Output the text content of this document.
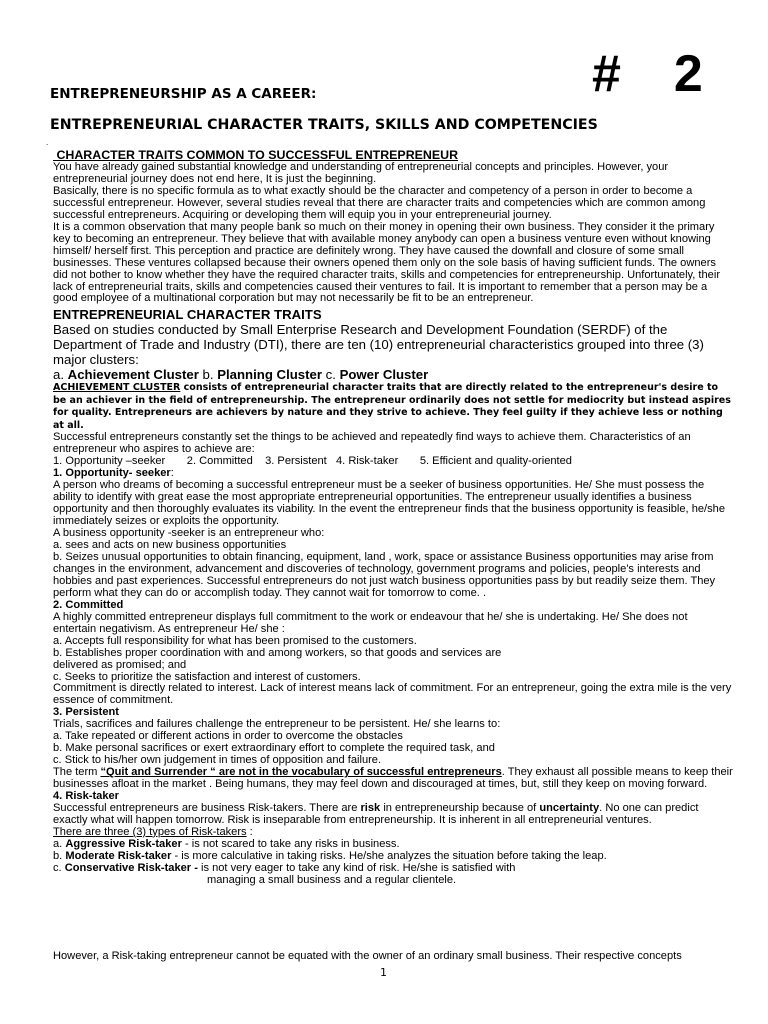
#  2
ENTREPRENEURSHIP AS A CAREER:
ENTREPRENEURIAL CHARACTER TRAITS, SKILLS AND COMPETENCIES
.

CHARACTER TRAITS COMMON TO SUCCESSFUL ENTREPRENEUR

You have already gained substantial knowledge and understanding of entrepreneurial concepts and principles. However, your entrepreneurial journey does not end here, It is just the beginning.

Basically, there is no specific formula as to what exactly should be the character and competency of a person in order to become a successful entrepreneur. However, several studies reveal that there are character traits and competencies which are common among successful entrepreneurs. Acquiring or developing them will equip you in your entrepreneurial journey.

It is a common observation that many people bank so much on their money in opening their own business. They consider it the primary key to becoming an entrepreneur. They believe that with available money anybody can open a business venture even without knowing himself/ herself first. This perception and practice are definitely wrong. They have caused the downfall and closure of some small businesses. These ventures collapsed because their owners opened them only on the sole basis of having sufficient funds. The owners did not bother to know whether they have the required character traits, skills and competencies for entrepreneurship. Unfortunately, their lack of entrepreneurial traits, skills and competencies caused their ventures to fail. It is important to remember that a person may be a good employee of a multinational corporation but may not necessarily be fit to be an entrepreneur.

ENTREPRENEURIAL CHARACTER TRAITS

Based on studies conducted by Small Enterprise Research and Development Foundation (SERDF) of the Department of Trade and Industry (DTI), there are ten (10) entrepreneurial characteristics grouped into three (3) major clusters:

a. Achievement Cluster b. Planning Cluster c. Power Cluster

ACHIEVEMENT CLUSTER consists of entrepreneurial character traits that are directly related to the entrepreneur's desire to be an achiever in the field of entrepreneurship. The entrepreneur ordinarily does not settle for mediocrity but instead aspires for quality. Entrepreneurs are achievers by nature and they strive to achieve. They feel guilty if they achieve less or nothing at all.

Successful entrepreneurs constantly set the things to be achieved and repeatedly find ways to achieve them. Characteristics of an entrepreneur who aspires to achieve are:

1. Opportunity –seeker       2. Committed    3. Persistent   4. Risk-taker       5. Efficient and quality-oriented

1. Opportunity- seeker:

A person who dreams of becoming a successful entrepreneur must be a seeker of business opportunities. He/ She must possess the ability to identify with great ease the most appropriate entrepreneurial opportunities. The entrepreneur usually identifies a business opportunity and then thoroughly evaluates its viability. In the event the entrepreneur finds that the business opportunity is feasible, he/she immediately seizes or exploits the opportunity.

A business opportunity -seeker is an entrepreneur who:

a. sees and acts on new business opportunities

b. Seizes unusual opportunities to obtain financing, equipment, land , work, space or assistance Business opportunities may arise from changes in the environment, advancement and discoveries of technology, government programs and policies, people's interests and hobbies and past experiences. Successful entrepreneurs do not just watch business opportunities pass by but readily seize them. They perform what they can do or accomplish today. They cannot wait for tomorrow to come. .

2. Committed

A highly committed entrepreneur displays full commitment to the work or endeavour that he/ she is undertaking. He/ She does not entertain negativism. As entrepreneur He/ she :

a. Accepts full responsibility for what has been promised to the customers.

b. Establishes proper coordination with and among workers, so that goods and services are

delivered as promised; and

c. Seeks to prioritize the satisfaction and interest of customers.

Commitment is directly related to interest. Lack of interest means lack of commitment. For an entrepreneur, going the extra mile is the very essence of commitment.

3. Persistent

Trials, sacrifices and failures challenge the entrepreneur to be persistent. He/ she learns to:

a. Take repeated or different actions in order to overcome the obstacles

b. Make personal sacrifices or exert extraordinary effort to complete the required task, and

c. Stick to his/her own judgement in times of opposition and failure.

The term “Quit and Surrender “ are not in the vocabulary of successful entrepreneurs. They exhaust all possible means to keep their businesses afloat in the market . Being humans, they may feel down and discouraged at times, but, still they keep on moving forward.

4. Risk-taker

Successful entrepreneurs are business Risk-takers. There are risk in entrepreneurship because of uncertainty. No one can predict exactly what will happen tomorrow. Risk is inseparable from entrepreneurship. It is inherent in all entrepreneurial ventures.

There are three (3) types of Risk-takers :

a. Aggressive Risk-taker - is not scared to take any risks in business.

b. Moderate Risk-taker - is more calculative in taking risks. He/she analyzes the situation before taking the leap.

c. Conservative Risk-taker - is not very eager to take any kind of risk. He/she is satisfied with

managing a small business and a regular clientele.

However, a Risk-taking entrepreneur cannot be equated with the owner of an ordinary small business. Their respective concepts
1
